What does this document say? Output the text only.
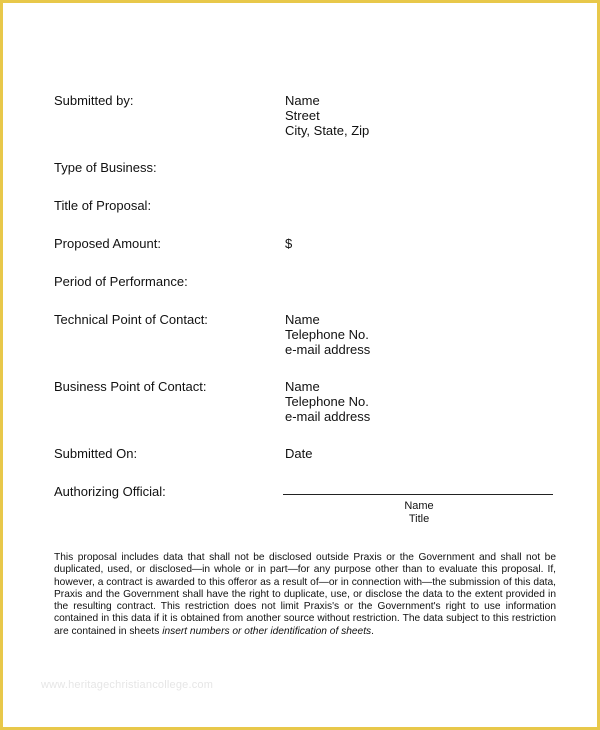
Submitted by:	Name
Street
City, State, Zip
Type of Business:
Title of Proposal:
Proposed Amount:	$
Period of Performance:
Technical Point of Contact:	Name
Telephone No.
e-mail address
Business Point of Contact:	Name
Telephone No.
e-mail address
Submitted On:	Date
Authorizing Official:
Name
Title
This proposal includes data that shall not be disclosed outside Praxis or the Government and shall not be duplicated, used, or disclosed—in whole or in part—for any purpose other than to evaluate this proposal. If, however, a contract is awarded to this offeror as a result of—or in connection with—the submission of this data, Praxis and the Government shall have the right to duplicate, use, or disclose the data to the extent provided in the resulting contract. This restriction does not limit Praxis's or the Government's right to use information contained in this data if it is obtained from another source without restriction. The data subject to this restriction are contained in sheets insert numbers or other identification of sheets.
www.heritagechristiancollege.com
